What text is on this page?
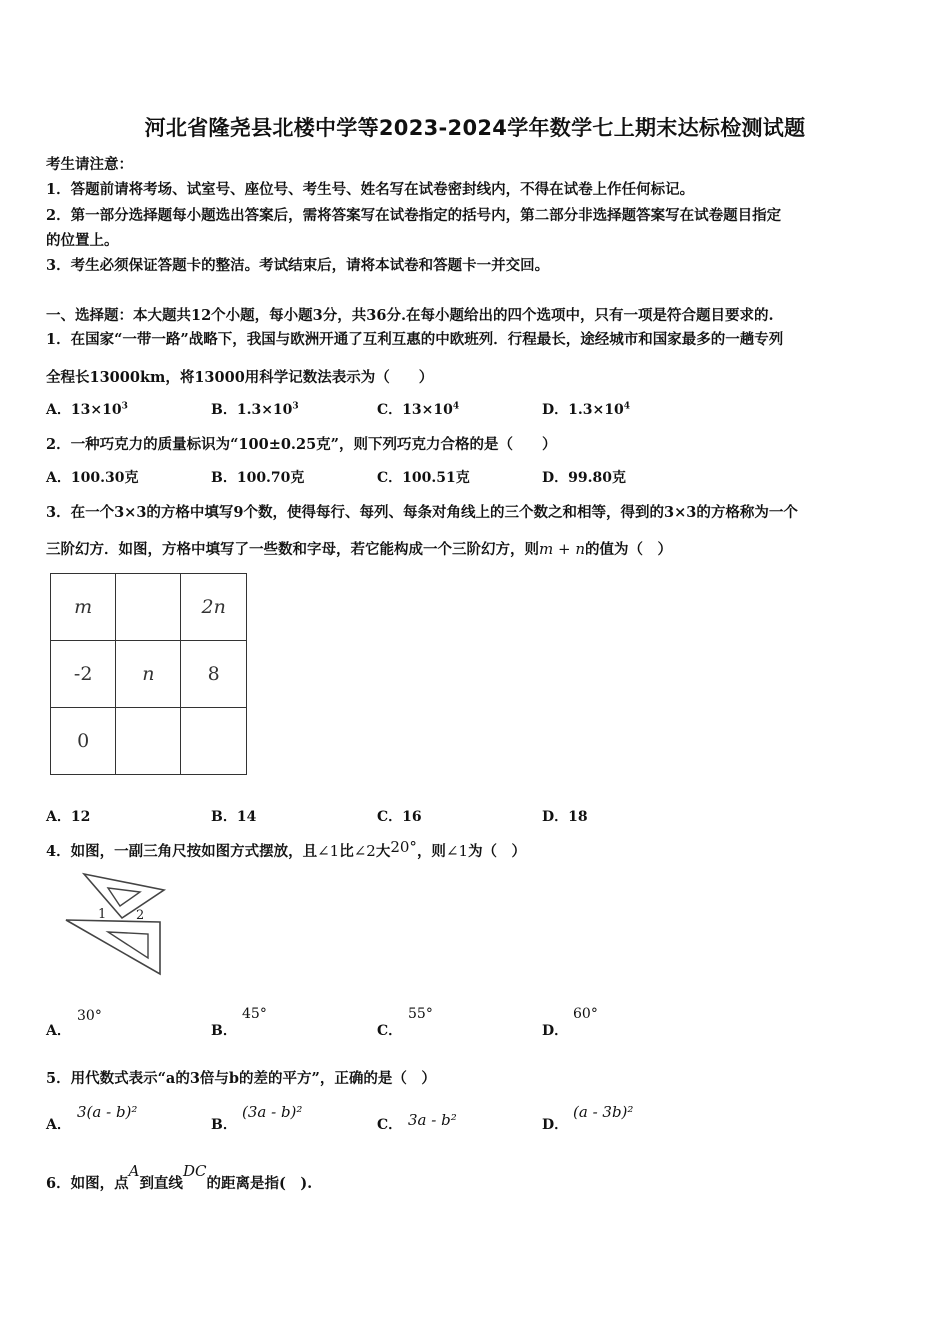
河北省隆尧县北楼中学等2023-2024学年数学七上期末达标检测试题
考生请注意：
1．答题前请将考场、试室号、座位号、考生号、姓名写在试卷密封线内，不得在试卷上作任何标记。
2．第一部分选择题每小题选出答案后，需将答案写在试卷指定的括号内，第二部分非选择题答案写在试卷题目指定
的位置上。
3．考生必须保证答题卡的整洁。考试结束后，请将本试卷和答题卡一并交回。
一、选择题：本大题共12个小题，每小题3分，共36分.在每小题给出的四个选项中，只有一项是符合题目要求的.
1．在国家“一带一路”战略下，我国与欧洲开通了互利互惠的中欧班列．行程最长，途经城市和国家最多的一趟专列
全程长13000km，将13000用科学记数法表示为（　　）
A．$13\times 10^3$	B．$1.3\times 10^3$	C．$13\times 10^4$	D．$1.3\times 10^4$
2．一种巧克力的质量标识为“100±0.25克”，则下列巧克力合格的是（　　）
A．100.30克	B．100.70克	C．100.51克	D．99.80克
3．在一个3×3的方格中填写9个数，使得每行、每列、每条对角线上的三个数之和相等，得到的3×3的方格称为一个
三阶幻方．如图，方格中填写了一些数和字母，若它能构成一个三阶幻方，则m + n的值为（　）
m		2n
-2	n	8
0		
A．12	B．14	C．16	D．18
4．如图，一副三角尺按如图方式摆放，且∠1比∠2大20°，则∠1为（　）
1 2
A．
30°
B．
45°
C．
55°
D．
60°
5．用代数式表示“a的3倍与b的差的平方”，正确的是（　）
A．
3(a - b)²
B．
(3a - b)²
C． 3a - b²	D．
(a - 3b)²
6．如图，点A到直线DC的距离是指(　).
